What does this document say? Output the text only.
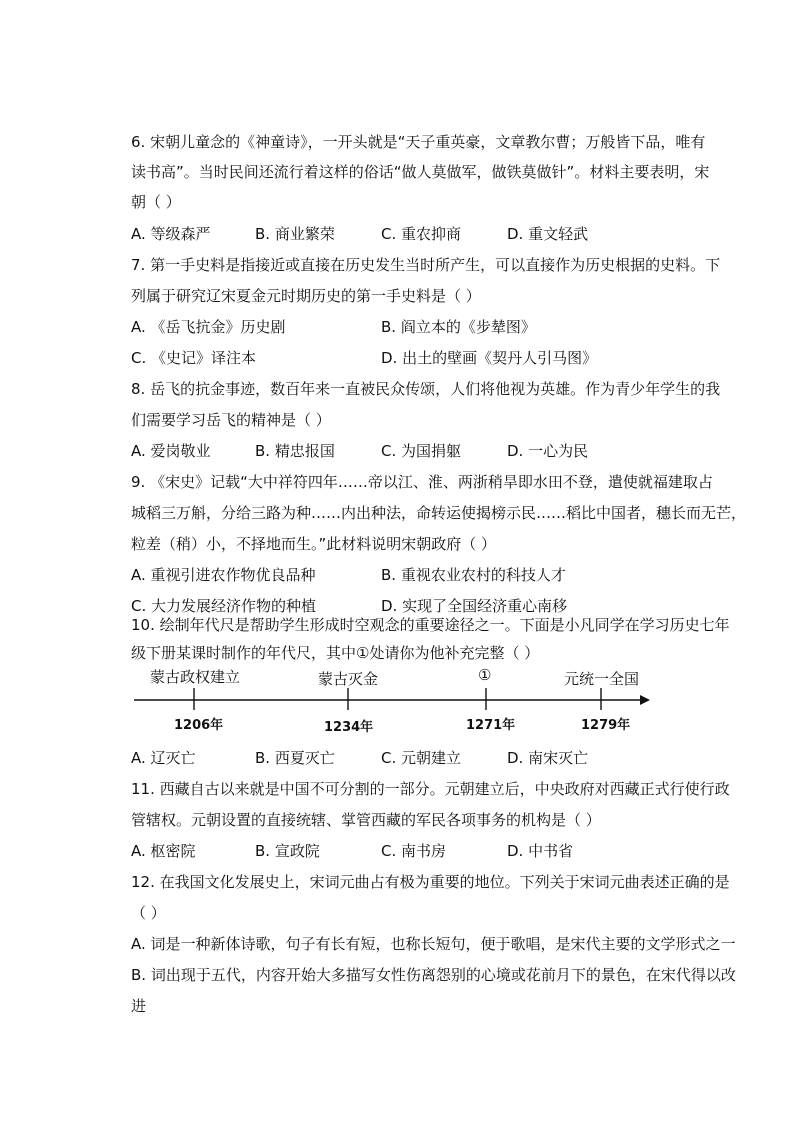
6. 宋朝儿童念的《神童诗》，一开头就是“天子重英豪，文章教尔曹；万般皆下品，唯有
读书高”。当时民间还流行着这样的俗话“做人莫做军，做铁莫做针”。材料主要表明，宋
朝（ ）
A. 等级森严	B. 商业繁荣	C. 重农抑商	D. 重文轻武
7. 第一手史料是指接近或直接在历史发生当时所产生，可以直接作为历史根据的史料。下
列属于研究辽宋夏金元时期历史的第一手史料是（ ）
A. 《岳飞抗金》历史剧	B. 阎立本的《步辇图》
C. 《史记》译注本	D. 出土的壁画《契丹人引马图》
8. 岳飞的抗金事迹，数百年来一直被民众传颂，人们将他视为英雄。作为青少年学生的我
们需要学习岳飞的精神是（ ）
A. 爱岗敬业	B. 精忠报国	C. 为国捐躯	D. 一心为民
9. 《宋史》记载“大中祥符四年……帝以江、淮、两浙稍旱即水田不登，遣使就福建取占
城稻三万斛，分给三路为种……内出种法，命转运使揭榜示民……稻比中国者，穗长而无芒，
粒差（稍）小，不择地而生。”此材料说明宋朝政府（ ）
A. 重视引进农作物优良品种	B. 重视农业农村的科技人才
C. 大力发展经济作物的种植	D. 实现了全国经济重心南移
10. 绘制年代尺是帮助学生形成时空观念的重要途径之一。下面是小凡同学在学习历史七年
蒙古政权建立	蒙古灭金	①	元统一全国
1206年	1234年	1271年	1279年
A. 辽灭亡	B. 西夏灭亡	C. 元朝建立	D. 南宋灭亡
11. 西藏自古以来就是中国不可分割的一部分。元朝建立后，中央政府对西藏正式行使行政
管辖权。元朝设置的直接统辖、掌管西藏的军民各项事务的机构是（ ）
A. 枢密院	B. 宣政院	C. 南书房	D. 中书省
12. 在我国文化发展史上，宋词元曲占有极为重要的地位。下列关于宋词元曲表述正确的是
（ ）
A. 词是一种新体诗歌，句子有长有短，也称长短句，便于歌唱，是宋代主要的文学形式之一
B. 词出现于五代，内容开始大多描写女性伤离怨别的心境或花前月下的景色，在宋代得以改
进
级下册某课时制作的年代尺，其中①处请你为他补充完整（ ）
